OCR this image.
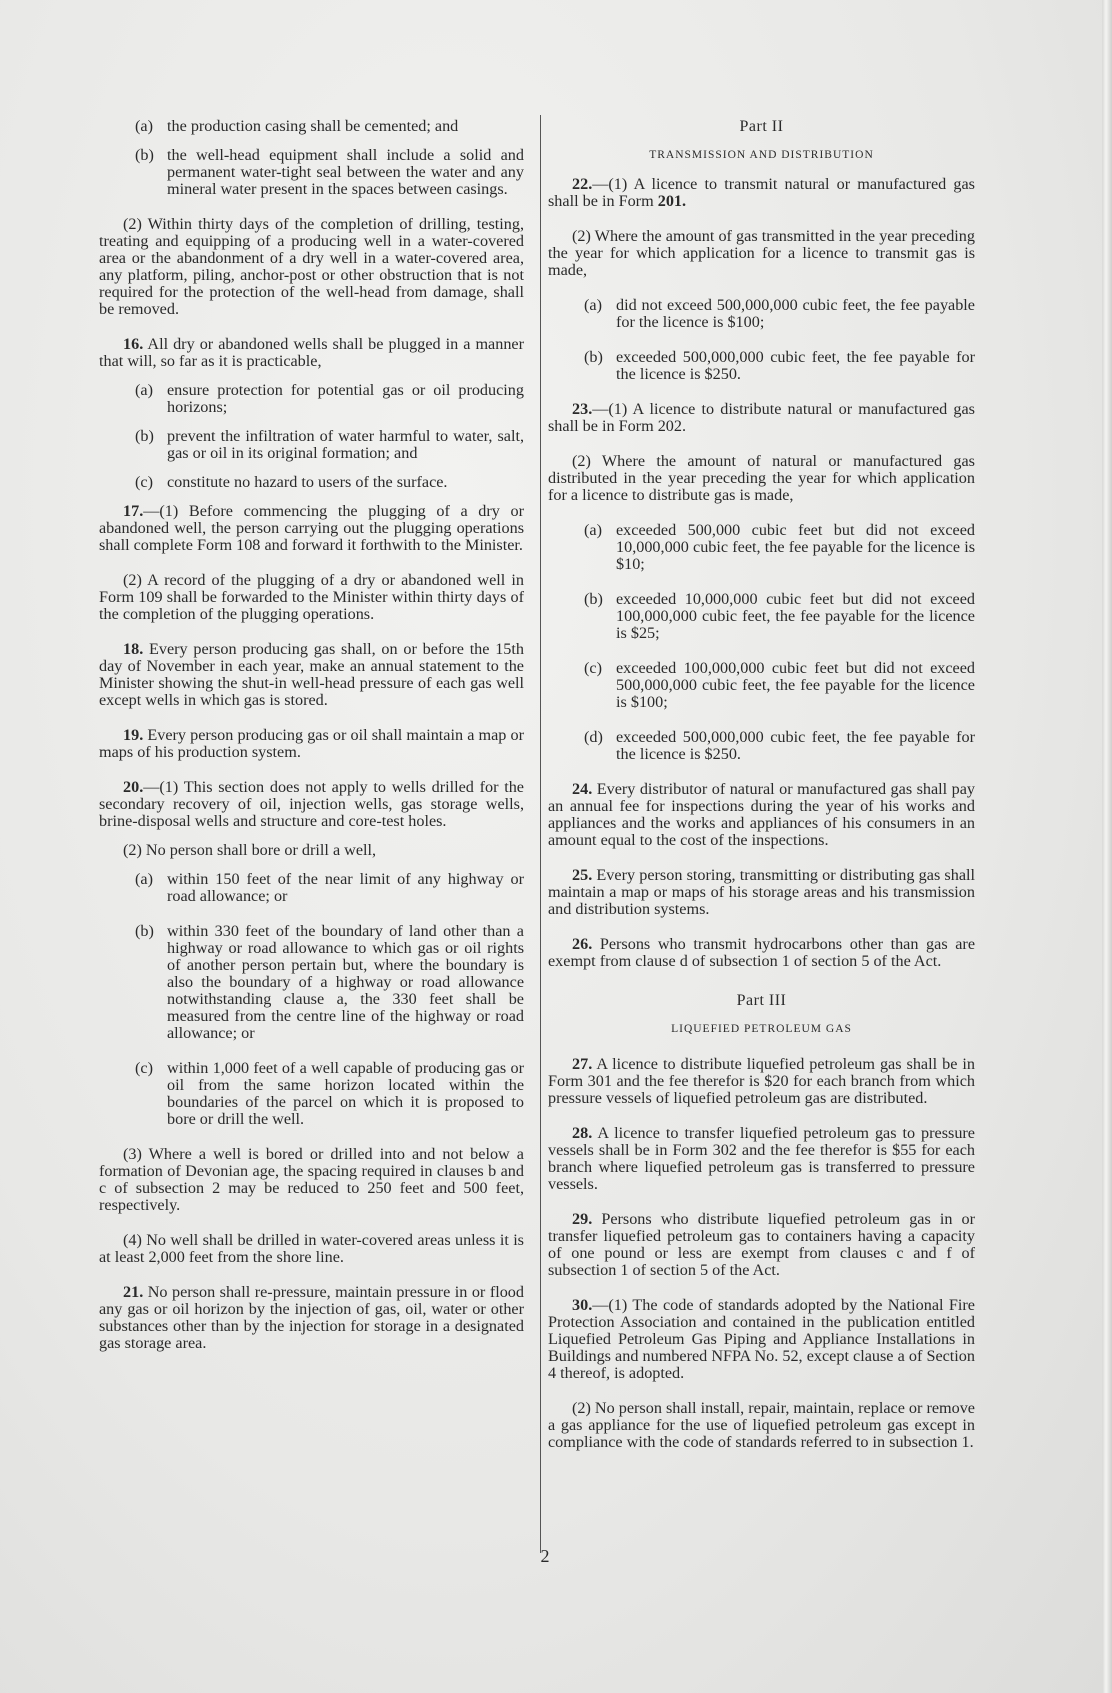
(a) the production casing shall be cemented; and
(b) the well-head equipment shall include a solid and permanent water-tight seal between the water and any mineral water present in the spaces between casings.

(2) Within thirty days of the completion of drilling, testing, treating and equipping of a producing well in a water-covered area or the abandonment of a dry well in a water-covered area, any platform, piling, anchor-post or other obstruction that is not required for the protection of the well-head from damage, shall be removed.

16. All dry or abandoned wells shall be plugged in a manner that will, so far as it is practicable,

(a) ensure protection for potential gas or oil producing horizons;
(b) prevent the infiltration of water harmful to water, salt, gas or oil in its original formation; and
(c) constitute no hazard to users of the surface.

17.—(1) Before commencing the plugging of a dry or abandoned well, the person carrying out the plugging operations shall complete Form 108 and forward it forthwith to the Minister.

(2) A record of the plugging of a dry or abandoned well in Form 109 shall be forwarded to the Minister within thirty days of the completion of the plugging operations.

18. Every person producing gas shall, on or before the 15th day of November in each year, make an annual statement to the Minister showing the shut-in well-head pressure of each gas well except wells in which gas is stored.

19. Every person producing gas or oil shall maintain a map or maps of his production system.

20.—(1) This section does not apply to wells drilled for the secondary recovery of oil, injection wells, gas storage wells, brine-disposal wells and structure and core-test holes.

(2) No person shall bore or drill a well,

(a) within 150 feet of the near limit of any highway or road allowance; or
(b) within 330 feet of the boundary of land other than a highway or road allowance to which gas or oil rights of another person pertain but, where the boundary is also the boundary of a highway or road allowance notwithstanding clause a, the 330 feet shall be measured from the centre line of the highway or road allowance; or
(c) within 1,000 feet of a well capable of producing gas or oil from the same horizon located within the boundaries of the parcel on which it is proposed to bore or drill the well.

(3) Where a well is bored or drilled into and not below a formation of Devonian age, the spacing required in clauses b and c of subsection 2 may be reduced to 250 feet and 500 feet, respectively.

(4) No well shall be drilled in water-covered areas unless it is at least 2,000 feet from the shore line.

21. No person shall re-pressure, maintain pressure in or flood any gas or oil horizon by the injection of gas, oil, water or other substances other than by the injection for storage in a designated gas storage area.

Part II
TRANSMISSION AND DISTRIBUTION

22.—(1) A licence to transmit natural or manufactured gas shall be in Form 201.

(2) Where the amount of gas transmitted in the year preceding the year for which application for a licence to transmit gas is made,

(a) did not exceed 500,000,000 cubic feet, the fee payable for the licence is $100;
(b) exceeded 500,000,000 cubic feet, the fee payable for the licence is $250.

23.—(1) A licence to distribute natural or manufactured gas shall be in Form 202.

(2) Where the amount of natural or manufactured gas distributed in the year preceding the year for which application for a licence to distribute gas is made,

(a) exceeded 500,000 cubic feet but did not exceed 10,000,000 cubic feet, the fee payable for the licence is $10;
(b) exceeded 10,000,000 cubic feet but did not exceed 100,000,000 cubic feet, the fee payable for the licence is $25;
(c) exceeded 100,000,000 cubic feet but did not exceed 500,000,000 cubic feet, the fee payable for the licence is $100;
(d) exceeded 500,000,000 cubic feet, the fee payable for the licence is $250.

24. Every distributor of natural or manufactured gas shall pay an annual fee for inspections during the year of his works and appliances and the works and appliances of his consumers in an amount equal to the cost of the inspections.

25. Every person storing, transmitting or distributing gas shall maintain a map or maps of his storage areas and his transmission and distribution systems.

26. Persons who transmit hydrocarbons other than gas are exempt from clause d of subsection 1 of section 5 of the Act.

Part III
LIQUEFIED PETROLEUM GAS

27. A licence to distribute liquefied petroleum gas shall be in Form 301 and the fee therefor is $20 for each branch from which pressure vessels of liquefied petroleum gas are distributed.

28. A licence to transfer liquefied petroleum gas to pressure vessels shall be in Form 302 and the fee therefor is $55 for each branch where liquefied petroleum gas is transferred to pressure vessels.

29. Persons who distribute liquefied petroleum gas in or transfer liquefied petroleum gas to containers having a capacity of one pound or less are exempt from clauses c and f of subsection 1 of section 5 of the Act.

30.—(1) The code of standards adopted by the National Fire Protection Association and contained in the publication entitled Liquefied Petroleum Gas Piping and Appliance Installations in Buildings and numbered NFPA No. 52, except clause a of Section 4 thereof, is adopted.

(2) No person shall install, repair, maintain, replace or remove a gas appliance for the use of liquefied petroleum gas except in compliance with the code of standards referred to in subsection 1.

2
